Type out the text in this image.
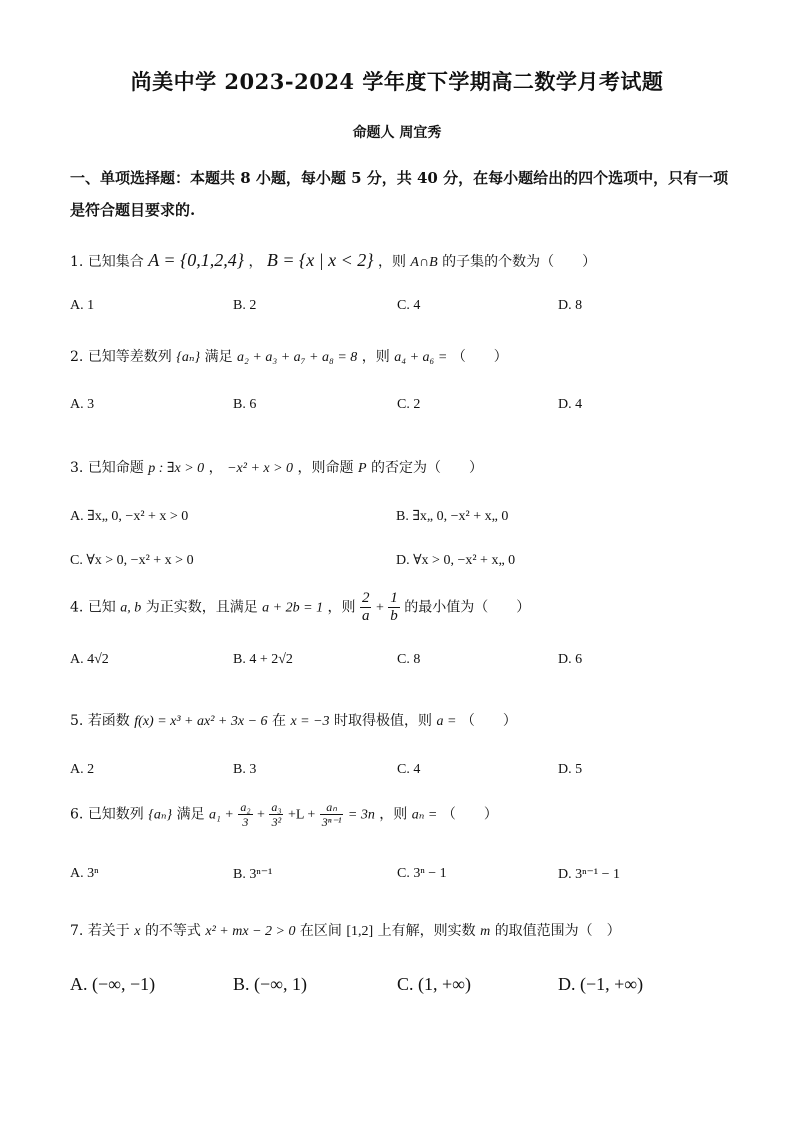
尚美中学 2023-2024 学年度下学期高二数学月考试题
命题人 周宜秀
一、单项选择题：本题共 8 小题，每小题 5 分，共 40 分，在每小题给出的四个选项中，只有一项是符合题目要求的.
1. 已知集合 A = {0,1,2,4} ， B = {x | x < 2} ，则 A∩B 的子集的个数为（　　）
A. 1	B. 2	C. 4	D. 8
2. 已知等差数列 {aₙ} 满足 a₂ + a₃ + a₇ + a₈ = 8 ，则 a₄ + a₆ = （　　）
A. 3	B. 6	C. 2	D. 4
3. 已知命题 p : ∃x > 0 ， −x² + x > 0 ，则命题 P 的否定为（　　）
A. ∃x„ 0, −x² + x > 0	B. ∃x„ 0, −x² + x„ 0
C. ∀x > 0, −x² + x > 0	D. ∀x > 0, −x² + x„ 0
4. 已知 a, b 为正实数，且满足 a + 2b = 1 ，则 $\frac{2}{a} + \frac{1}{b}$ 的最小值为（　　）
A. 4√2	B. 4 + 2√2	C. 8	D. 6
5. 若函数 f(x) = x³ + ax² + 3x − 6 在 x = −3 时取得极值，则 a = （　　）
A. 2	B. 3	C. 4	D. 5
6. 已知数列 {aₙ} 满足 $a_1 + \frac{\text{a₂}}{3} + \frac{\text{a₃}}{\text{3²}} +L + \frac{\text{aₙ}}{\text{3ⁿ⁻¹}} = 3n$ ，则 aₙ = （　　）
A. 3ⁿ	B. 3ⁿ⁻¹	C. 3ⁿ − 1	D. 3ⁿ⁻¹ − 1
7. 若关于 x 的不等式 x² + mx − 2 > 0 在区间 [1,2] 上有解，则实数 m 的取值范围为（　）
A. (−∞, −1)	B. (−∞, 1)	C. (1, +∞)	D. (−1, +∞)
